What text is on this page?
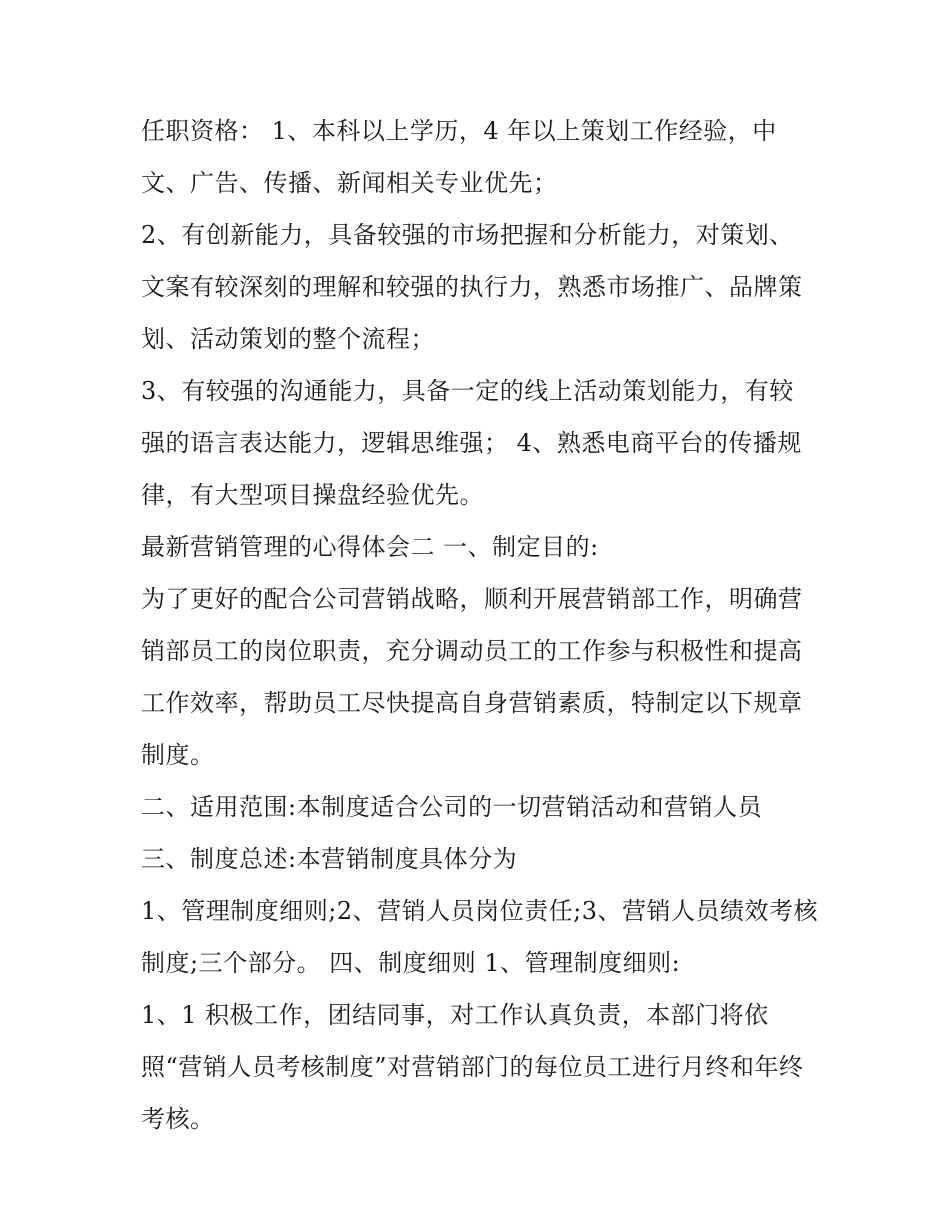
任职资格： 1、本科以上学历，4 年以上策划工作经验，中
文、广告、传播、新闻相关专业优先；
2、有创新能力，具备较强的市场把握和分析能力，对策划、
文案有较深刻的理解和较强的执行力，熟悉市场推广、品牌策
划、活动策划的整个流程；
3、有较强的沟通能力，具备一定的线上活动策划能力，有较
强的语言表达能力，逻辑思维强； 4、熟悉电商平台的传播规
律，有大型项目操盘经验优先。
最新营销管理的心得体会二 一、制定目的:
为了更好的配合公司营销战略，顺利开展营销部工作，明确营
销部员工的岗位职责，充分调动员工的工作参与积极性和提高
工作效率，帮助员工尽快提高自身营销素质，特制定以下规章
制度。
二、适用范围:本制度适合公司的一切营销活动和营销人员
三、制度总述:本营销制度具体分为
1、管理制度细则;2、营销人员岗位责任;3、营销人员绩效考核
制度;三个部分。 四、制度细则 1、管理制度细则:
1、1 积极工作，团结同事，对工作认真负责，本部门将依
照“营销人员考核制度”对营销部门的每位员工进行月终和年终
考核。
